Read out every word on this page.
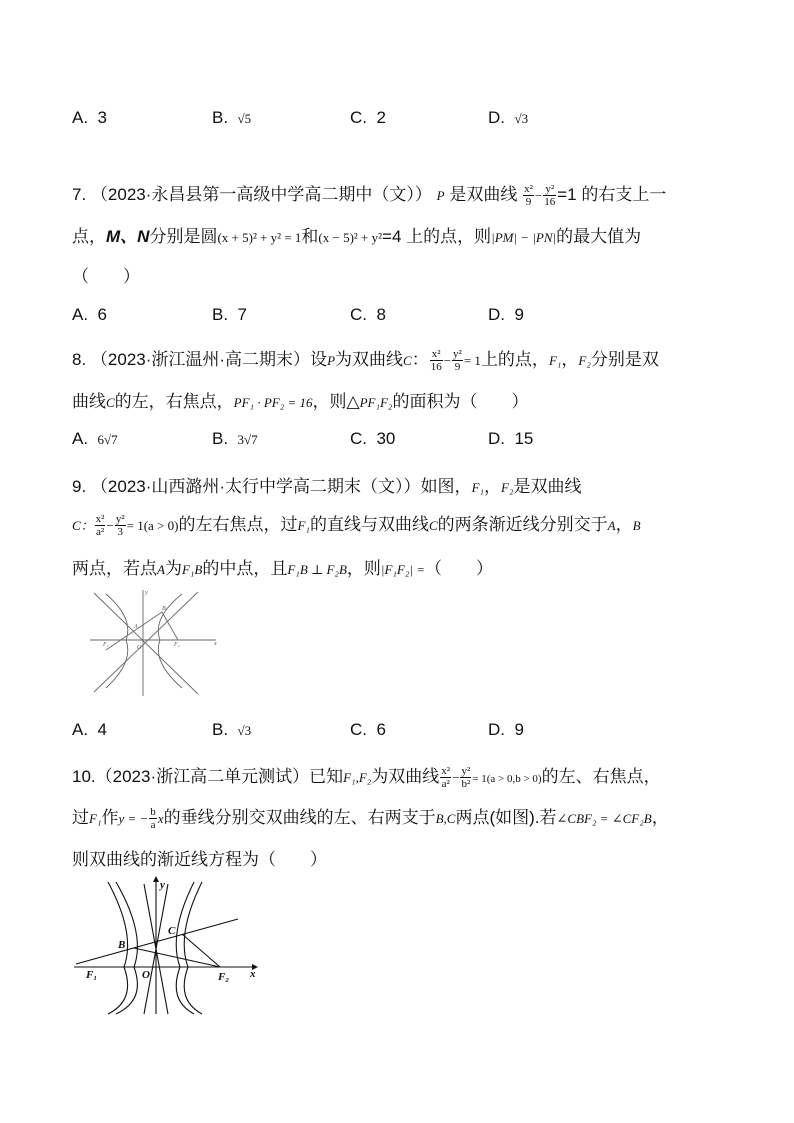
A. 3	B. √5	C. 2	D. √3
7. （2023·永昌县第一高级中学高二期中（文）） P 是双曲线 $\frac{\text{x²}}{9} - \frac{\text{y²}}{16} =1$ 的右支上一
点，M、N分别是圆(x + 5)² + y² = 1和(x − 5)² + y²=4 上的点，则|PM| − |PN|的最大值为
（　　）
A. 6	B. 7	C. 8	D. 9
8. （2023·浙江温州·高二期末）设P为双曲线C： $\frac{\text{x²}}{16} - \frac{\text{y²}}{9} = 1$上的点，F₁，F₂分别是双
曲线C的左，右焦点，PF₁ · PF₂ = 16，则△PF₁F₂的面积为（　　）
A. 6√7	B. 3√7	C. 30	D. 15
9. （2023·山西潞州·太行中学高二期末（文））如图，F₁，F₂是双曲线
C： $\frac{\text{x²}}{\text{a²}} - \frac{\text{y²}}{3} = 1(a > 0)$的左右焦点，过F₁的直线与双曲线C的两条渐近线分别交于A，B
两点，若点A为F₁B的中点，且F₁B ⊥ F₂B，则|F₁F₂| =（　　）
y
x
O
F₁	F₂
A
B
A. 4	B. √3	C. 6	D. 9
10.（2023·浙江高二单元测试）已知F₁,F₂为双曲线 $\frac{\text{x²}}{\text{a²}} - \frac{\text{y²}}{\text{b²}} = 1(a > 0,b > 0)$的左、右焦点，
过F₁作y = − $\frac{b}{a}$ x的垂线分别交双曲线的左、右两支于B,C两点(如图).若∠CBF₂ = ∠CF₂B，
则双曲线的渐近线方程为（　　）
y
x
O
F₁	F₂
B
C
